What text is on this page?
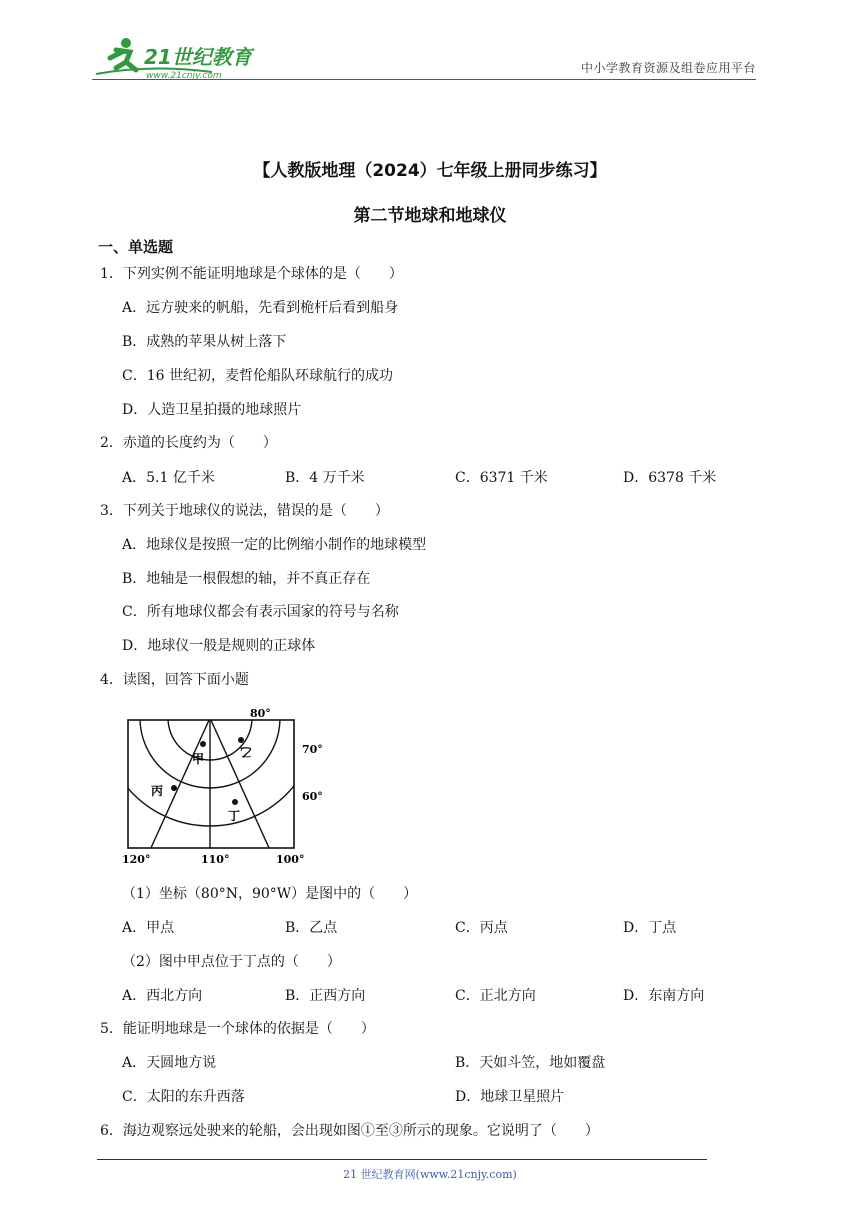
21世纪教育
www.21cnjy.com
中小学教育资源及组卷应用平台
【人教版地理（2024）七年级上册同步练习】
第二节地球和地球仪
一、单选题
1．下列实例不能证明地球是个球体的是（　　）
A．远方驶来的帆船，先看到桅杆后看到船身
B．成熟的苹果从树上落下
C．16 世纪初，麦哲伦船队环球航行的成功
D．人造卫星拍摄的地球照片
2．赤道的长度约为（　　）
A．5.1 亿千米	B．4 万千米	C．6371 千米	D．6378 千米
3．下列关于地球仪的说法，错误的是（　　）
A．地球仪是按照一定的比例缩小制作的地球模型
B．地轴是一根假想的轴，并不真正存在
C．所有地球仪都会有表示国家的符号与名称
D．地球仪一般是规则的正球体
4．读图，回答下面小题
甲	乙
丙
丁
80°
70°
60°
120°	110°	100°
（1）坐标（80°N，90°W）是图中的（　　）
A．甲点	B．乙点	C．丙点	D．丁点
（2）图中甲点位于丁点的（　　）
A．西北方向	B．正西方向	C．正北方向	D．东南方向
5．能证明地球是一个球体的依据是（　　）
A．天圆地方说	B．天如斗笠，地如覆盘
C．太阳的东升西落	D．地球卫星照片
6．海边观察远处驶来的轮船，会出现如图①至③所示的现象。它说明了（　　）
21 世纪教育网(www.21cnjy.com)
